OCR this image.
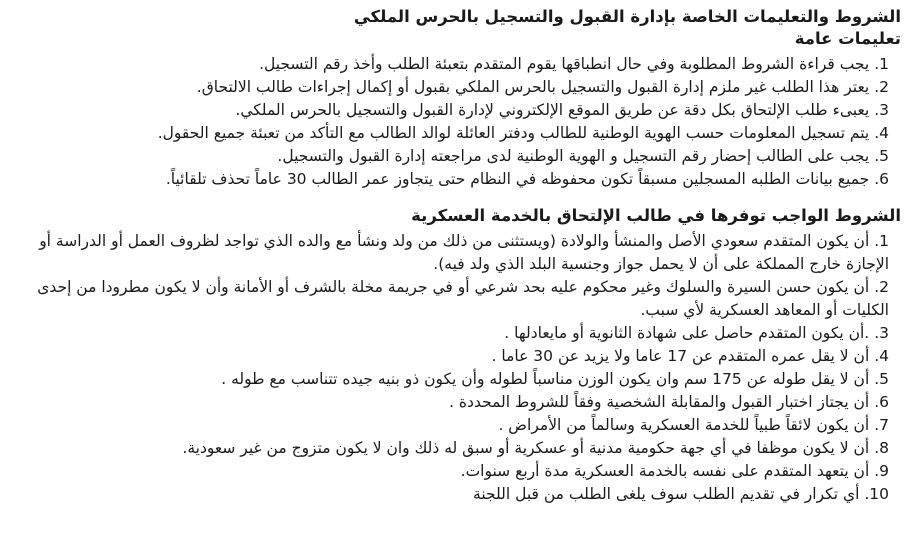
الشروط والتعليمات الخاصة بإدارة القبول والتسجيل بالحرس الملكي
تعليمات عامة
1. يجب قراءة الشروط المطلوبة وفي حال انطباقها يقوم المتقدم بتعبئة الطلب وأخذ رقم التسجيل.
2. يعتر هذا الطلب غير ملزم إدارة القبول والتسجيل بالحرس الملكي بقبول أو إكمال إجراءات طالب الالتحاق.
3. يعبىء طلب الإلتحاق بكل دقة عن طريق الموقع الإلكتروني لإدارة القبول والتسجيل بالحرس الملكي.
4. يتم تسجيل المعلومات حسب الهوية الوطنية للطالب ودفتر العائلة لوالد الطالب مع التأكد من تعبئة جميع الحقول.
5. يجب على الطالب إحضار رقم التسجيل و الهوية الوطنية لدى مراجعته إدارة القبول والتسجيل.
6. جميع بيانات الطلبه المسجلين مسبقاً تكون محفوظه في النظام حتى يتجاوز عمر الطالب 30 عاماً تحذف تلقائياً.
الشروط الواجب توفرها في طالب الإلتحاق بالخدمة العسكرية
1. أن يكون المتقدم سعودي الأصل والمنشأ والولادة (ويستثنى من ذلك من ولد ونشأ مع والده الذي تواجد لظروف العمل أو الدراسة أو الإجازة خارج المملكة على أن لا يحمل جواز وجنسية البلد الذي ولد فيه).
2. أن يكون حسن السيرة والسلوك وغير محكوم عليه بحد شرعي أو في جريمة مخلة بالشرف أو الأمانة وأن لا يكون مطرودا من إحدى الكليات أو المعاهد العسكرية لأي سبب.
3. .أن يكون المتقدم حاصل على شهادة الثانوية أو مايعادلها .
4. أن لا يقل عمره المتقدم عن 17 عاما ولا يزيد عن 30 عاما .
5. أن لا يقل طوله عن 175 سم وان يكون الوزن مناسباً لطوله وأن يكون ذو بنيه جيده تتناسب مع طوله .
6. أن يجتاز اختبار القبول والمقابلة الشخصية وفقاً للشروط المحددة .
7. أن يكون لائقاً طبياً للخدمة العسكرية وسالماً من الأمراض .
8. أن لا يكون موظفا في أي جهة حكومية مدنية أو عسكرية أو سبق له ذلك وان لا يكون متزوج من غير سعودية.
9. أن يتعهد المتقدم على نفسه بالخدمة العسكرية مدة أربع سنوات.
10. أي تكرار في تقديم الطلب سوف يلغى الطلب من قبل اللجنة
